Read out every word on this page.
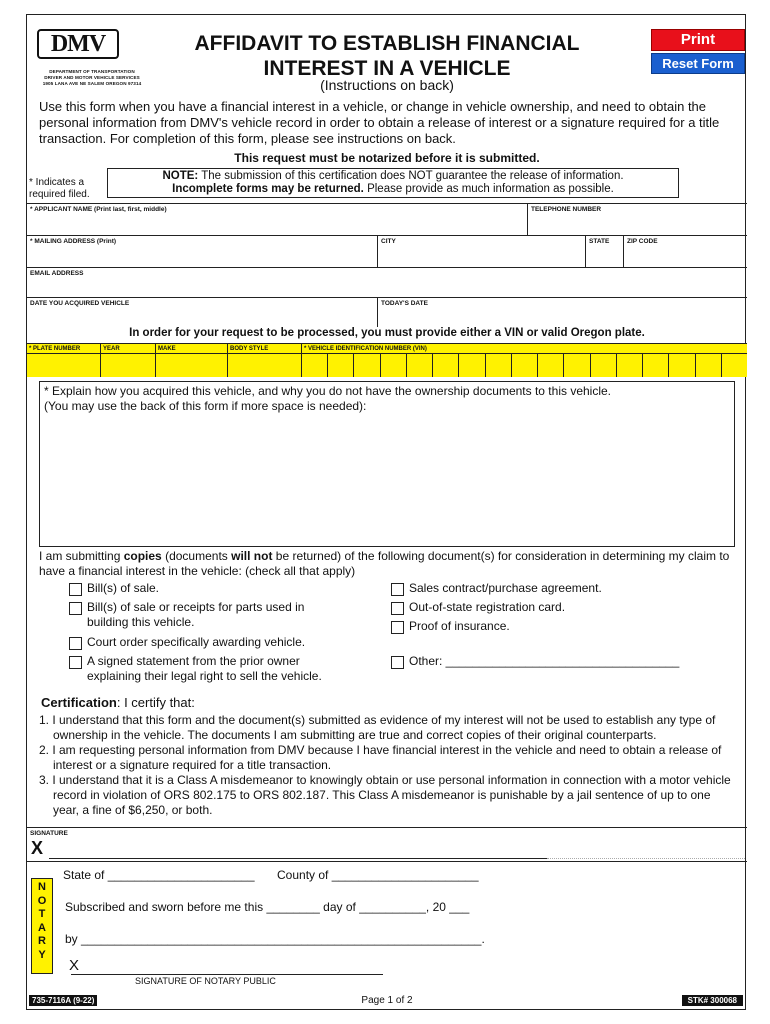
DMV
DEPARTMENT OF TRANSPORTATION
DRIVER AND MOTOR VEHICLE SERVICES
1905 LANA AVE NE SALEM OREGON 97314
AFFIDAVIT TO ESTABLISH FINANCIAL
INTEREST IN A VEHICLE
(Instructions on back)
Print
Reset Form
Use this form when you have a financial interest in a vehicle, or change in vehicle ownership, and need to obtain the personal information from DMV's vehicle record in order to obtain a release of interest or a signature required for a title transaction. For completion of this form, please see instructions on back.
This request must be notarized before it is submitted.
* Indicates a required filed.
NOTE: The submission of this certification does NOT guarantee the release of information.
Incomplete forms may be returned. Please provide as much information as possible.
* APPLICANT NAME (Print last, first, middle)	TELEPHONE NUMBER
* MAILING ADDRESS (Print)	CITY	STATE	ZIP CODE
EMAIL ADDRESS
DATE YOU ACQUIRED VEHICLE	TODAY'S DATE
In order for your request to be processed, you must provide either a VIN or valid Oregon plate.
* PLATE NUMBER	YEAR	MAKE	BODY STYLE	* VEHICLE IDENTIFICATION NUMBER (VIN)
* Explain how you acquired this vehicle, and why you do not have the ownership documents to this vehicle.
(You may use the back of this form if more space is needed):
I am submitting copies (documents will not be returned) of the following document(s) for consideration in determining my claim to have a financial interest in the vehicle: (check all that apply)
Bill(s) of sale.
Bill(s) of sale or receipts for parts used in
building this vehicle.
Court order specifically awarding vehicle.
A signed statement from the prior owner
explaining their legal right to sell the vehicle.
Sales contract/purchase agreement.
Out-of-state registration card.
Proof of insurance.
Other: ___________________________________
Certification: I certify that:

1. I understand that this form and the document(s) submitted as evidence of my interest will not be used to establish any type of ownership in the vehicle. The documents I am submitting are true and correct copies of their original counterparts.

2. I am requesting personal information from DMV because I have financial interest in the vehicle and need to obtain a release of interest or a signature required for a title transaction.

3. I understand that it is a Class A misdemeanor to knowingly obtain or use personal information in connection with a motor vehicle record in violation of ORS 802.175 to ORS 802.187. This Class A misdemeanor is punishable by a jail sentence of up to one year, a fine of $6,250, or both.

SIGNATURE
X
N
O
T
A
R
Y
State of ______________________ County of ______________________
Subscribed and sworn before me this ________ day of __________, 20 ___
by ____________________________________________________________.
X
SIGNATURE OF NOTARY PUBLIC
Page 1 of 2
735-7116A (9-22)	STK# 300068
